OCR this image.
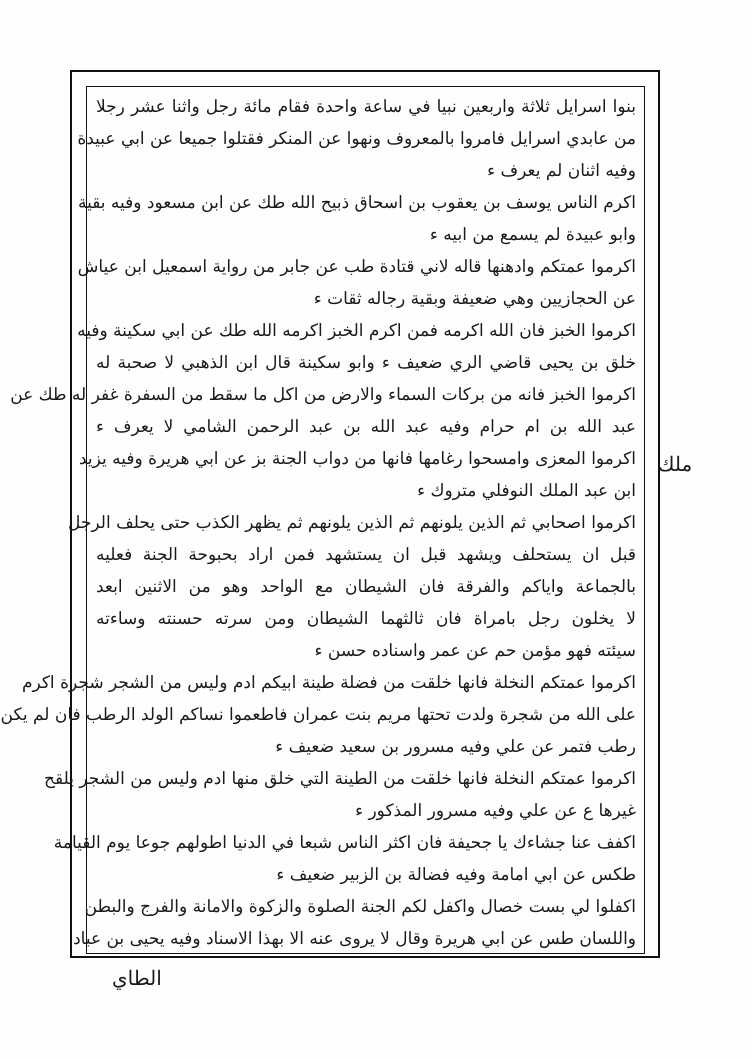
بنوا اسرايل ثلاثة واربعين نبيا في ساعة واحدة فقام مائة رجل واثنا عشر رجلا
من عابدي اسرايل فامروا بالمعروف ونهوا عن المنكر فقتلوا جميعا عن ابي عبيدة
وفيه اثنان لم يعرف ء
اكرم الناس يوسف بن يعقوب بن اسحاق ذبيح الله طك عن ابن مسعود وفيه بقية
وابو عبيدة لم يسمع من ابيه ء
اكرموا عمتكم وادهنها قاله لاني قتادة طب عن جابر من رواية اسمعيل ابن عياش
عن الحجازيين وهي ضعيفة وبقية رجاله ثقات ء
اكرموا الخبز فان الله اكرمه فمن اكرم الخبز اكرمه الله طك عن ابي سكينة وفيه
خلق بن يحيى قاضي الري ضعيف ء وابو سكينة قال ابن الذهبي لا صحبة له
اكرموا الخبز فانه من بركات السماء والارض من اكل ما سقط من السفرة غفر له طك عن
عبد الله بن ام حرام وفيه عبد الله بن عبد الرحمن الشامي لا يعرف ء
اكرموا المعزى وامسحوا رغامها فانها من دواب الجنة بز عن ابي هريرة وفيه يزيد
ابن عبد الملك النوفلي متروك ء
اكرموا اصحابي ثم الذين يلونهم ثم الذين يلونهم ثم يظهر الكذب حتى يحلف الرجل
قبل ان يستحلف ويشهد قبل ان يستشهد فمن اراد بحبوحة الجنة فعليه
بالجماعة واياكم والفرقة فان الشيطان مع الواحد وهو من الاثنين ابعد
لا يخلون رجل بامراة فان ثالثهما الشيطان ومن سرته حسنته وساءته
سيئته فهو مؤمن حم عن عمر واسناده حسن ء
اكرموا عمتكم النخلة فانها خلقت من فضلة طينة ابيكم ادم وليس من الشجر شجرة اكرم
على الله من شجرة ولدت تحتها مريم بنت عمران فاطعموا نساكم الولد الرطب فان لم يكن
رطب فتمر عن علي وفيه مسرور بن سعيد ضعيف ء
اكرموا عمتكم النخلة فانها خلقت من الطينة التي خلق منها ادم وليس من الشجر يلقح
غيرها ع عن علي وفيه مسرور المذكور ء
اكفف عنا جشاءك يا جحيفة فان اكثر الناس شبعا في الدنيا اطولهم جوعا يوم القيامة
طكس عن ابي امامة وفيه فضالة بن الزبير ضعيف ء
اكفلوا لي بست خصال واكفل لكم الجنة الصلوة والزكوة والامانة والفرج والبطن
واللسان طس عن ابي هريرة وقال لا يروى عنه الا بهذا الاسناد وفيه يحيى بن عباد
ملك
الطاي
